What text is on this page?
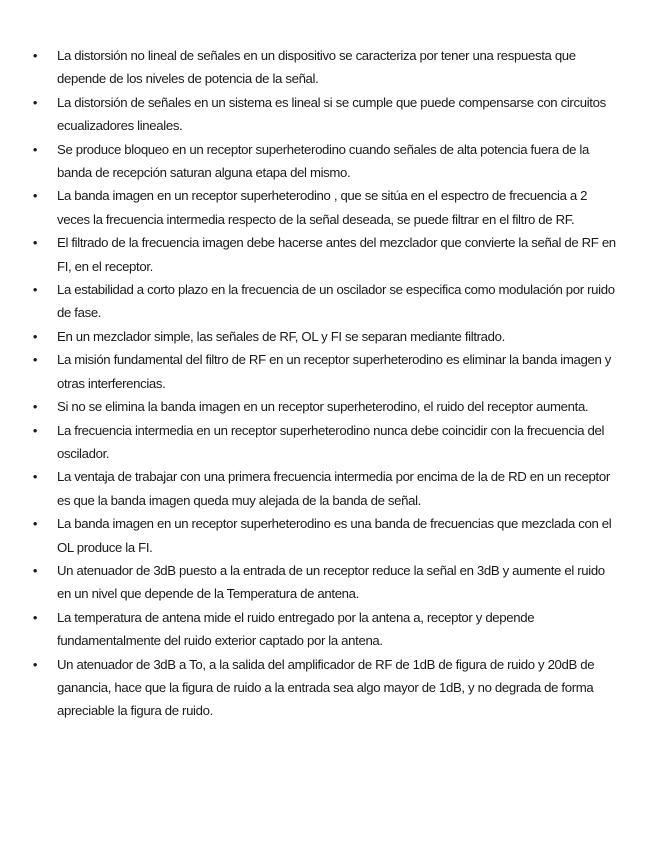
• La distorsión no lineal de señales en un dispositivo se caracteriza por tener una respuesta que depende de los niveles de potencia de la señal.
• La distorsión de señales en un sistema es lineal si se cumple que puede compensarse con circuitos ecualizadores lineales.
• Se produce bloqueo en un receptor superheterodino cuando señales de alta potencia fuera de la banda de recepción saturan alguna etapa del mismo.
• La banda imagen en un receptor superheterodino , que se sitúa en el espectro de frecuencia a 2 veces la frecuencia intermedia respecto de la señal deseada, se puede filtrar en el filtro de RF.
• El filtrado de la frecuencia imagen debe hacerse antes del mezclador que convierte la señal de RF en FI, en el receptor.
• La estabilidad a corto plazo en la frecuencia de un oscilador se especifica como modulación por ruido de fase.
• En un mezclador simple, las señales de RF, OL y FI se separan mediante filtrado.
• La misión fundamental del filtro de RF en un receptor superheterodino es eliminar la banda imagen y otras interferencias.
• Si no se elimina la banda imagen en un receptor superheterodino, el ruido del receptor aumenta.
• La frecuencia intermedia en un receptor superheterodino nunca debe coincidir con la frecuencia del oscilador.
• La ventaja de trabajar con una primera frecuencia intermedia por encima de la de RD en un receptor es que la banda imagen queda muy alejada de la banda de señal.
• La banda imagen en un receptor superheterodino es una banda de frecuencias que mezclada con el OL produce la FI.
• Un atenuador de 3dB puesto a la entrada de un receptor reduce la señal en 3dB y aumente el ruido en un nivel que depende de la Temperatura de antena.
• La temperatura de antena mide el ruido entregado por la antena a, receptor y depende fundamentalmente del ruido exterior captado por la antena.
• Un atenuador de 3dB a To, a la salida del amplificador de RF de 1dB de figura de ruido y 20dB de ganancia, hace que la figura de ruido a la entrada sea algo mayor de 1dB, y no degrada de forma apreciable la figura de ruido.
